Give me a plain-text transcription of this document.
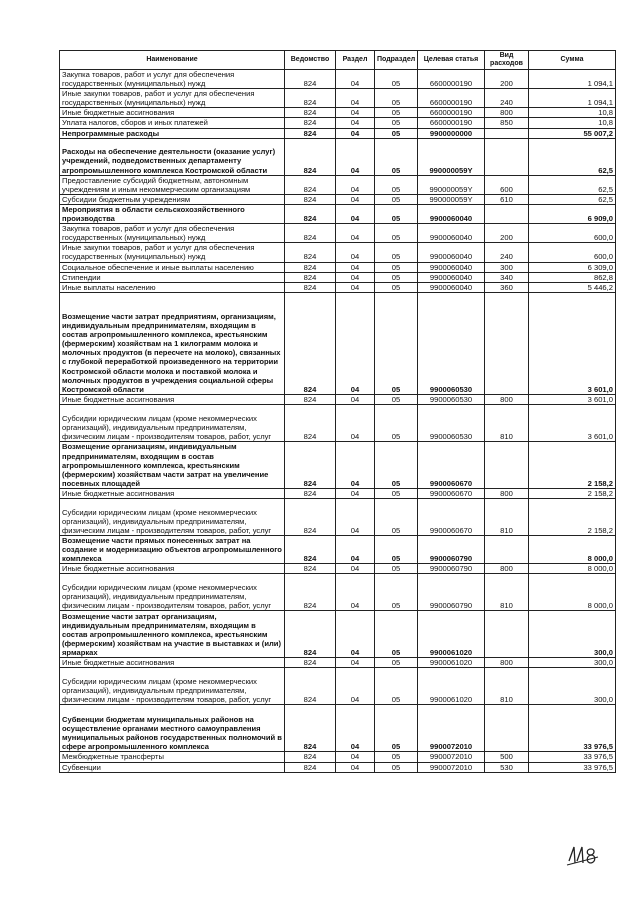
Наименование	Ведомство	Раздел	Подраздел	Целевая статья	Вид расходов	Сумма
Закупка товаров, работ и услуг для обеспечения государственных (муниципальных) нужд	824	04	05	6600000190	200	1 094,1
Иные закупки товаров, работ и услуг для обеспечения государственных (муниципальных) нужд	824	04	05	6600000190	240	1 094,1
Иные бюджетные ассигнования	824	04	05	6600000190	800	10,8
Уплата налогов, сборов и иных платежей	824	04	05	6600000190	850	10,8
Непрограммные расходы	824	04	05	9900000000		55 007,2
Расходы на обеспечение деятельности (оказание услуг) учреждений, подведомственных департаменту агропромышленного комплекса Костромской области	824	04	05	990000059Y		62,5
Предоставление субсидий бюджетным, автономным учреждениям и иным некоммерческим организациям	824	04	05	990000059Y	600	62,5
Субсидии бюджетным учреждениям	824	04	05	990000059Y	610	62,5
Мероприятия в области сельскохозяйственного производства	824	04	05	9900060040		6 909,0
Закупка товаров, работ и услуг для обеспечения государственных (муниципальных) нужд	824	04	05	9900060040	200	600,0
Иные закупки товаров, работ и услуг для обеспечения государственных (муниципальных) нужд	824	04	05	9900060040	240	600,0
Социальное обеспечение и иные выплаты населению	824	04	05	9900060040	300	6 309,0
Стипендии	824	04	05	9900060040	340	862,8
Иные выплаты населению	824	04	05	9900060040	360	5 446,2
Возмещение части затрат предприятиям, организациям, индивидуальным предпринимателям, входящим в состав агропромышленного комплекса, крестьянским (фермерским) хозяйствам на 1 килограмм молока и молочных продуктов (в пересчете на молоко), связанных с глубокой переработкой произведенного на территории Костромской области молока и поставкой молока и молочных продуктов в учреждения социальной сферы Костромской области	824	04	05	9900060530		3 601,0
Иные бюджетные ассигнования	824	04	05	9900060530	800	3 601,0
Субсидии юридическим лицам (кроме некоммерческих организаций), индивидуальным предпринимателям, физическим лицам - производителям товаров, работ, услуг	824	04	05	9900060530	810	3 601,0
Возмещение организациям, индивидуальным предпринимателям, входящим в состав агропромышленного комплекса, крестьянским (фермерским) хозяйствам части затрат на увеличение посевных площадей	824	04	05	9900060670		2 158,2
Иные бюджетные ассигнования	824	04	05	9900060670	800	2 158,2
Субсидии юридическим лицам (кроме некоммерческих организаций), индивидуальным предпринимателям, физическим лицам - производителям товаров, работ, услуг	824	04	05	9900060670	810	2 158,2
Возмещение части прямых понесенных затрат на создание и модернизацию объектов агропромышленного комплекса	824	04	05	9900060790		8 000,0
Иные бюджетные ассигнования	824	04	05	9900060790	800	8 000,0
Субсидии юридическим лицам (кроме некоммерческих организаций), индивидуальным предпринимателям, физическим лицам - производителям товаров, работ, услуг	824	04	05	9900060790	810	8 000,0
Возмещение части затрат организациям, индивидуальным предпринимателям, входящим в состав агропромышленного комплекса, крестьянским (фермерским) хозяйствам на участие в выставках и (или) ярмарках	824	04	05	9900061020		300,0
Иные бюджетные ассигнования	824	04	05	9900061020	800	300,0
Субсидии юридическим лицам (кроме некоммерческих организаций), индивидуальным предпринимателям, физическим лицам - производителям товаров, работ, услуг	824	04	05	9900061020	810	300,0
Субвенции бюджетам муниципальных районов на осуществление органами местного самоуправления муниципальных районов государственных полномочий в сфере агропромышленного комплекса	824	04	05	9900072010		33 976,5
Межбюджетные трансферты	824	04	05	9900072010	500	33 976,5
Субвенции	824	04	05	9900072010	530	33 976,5
